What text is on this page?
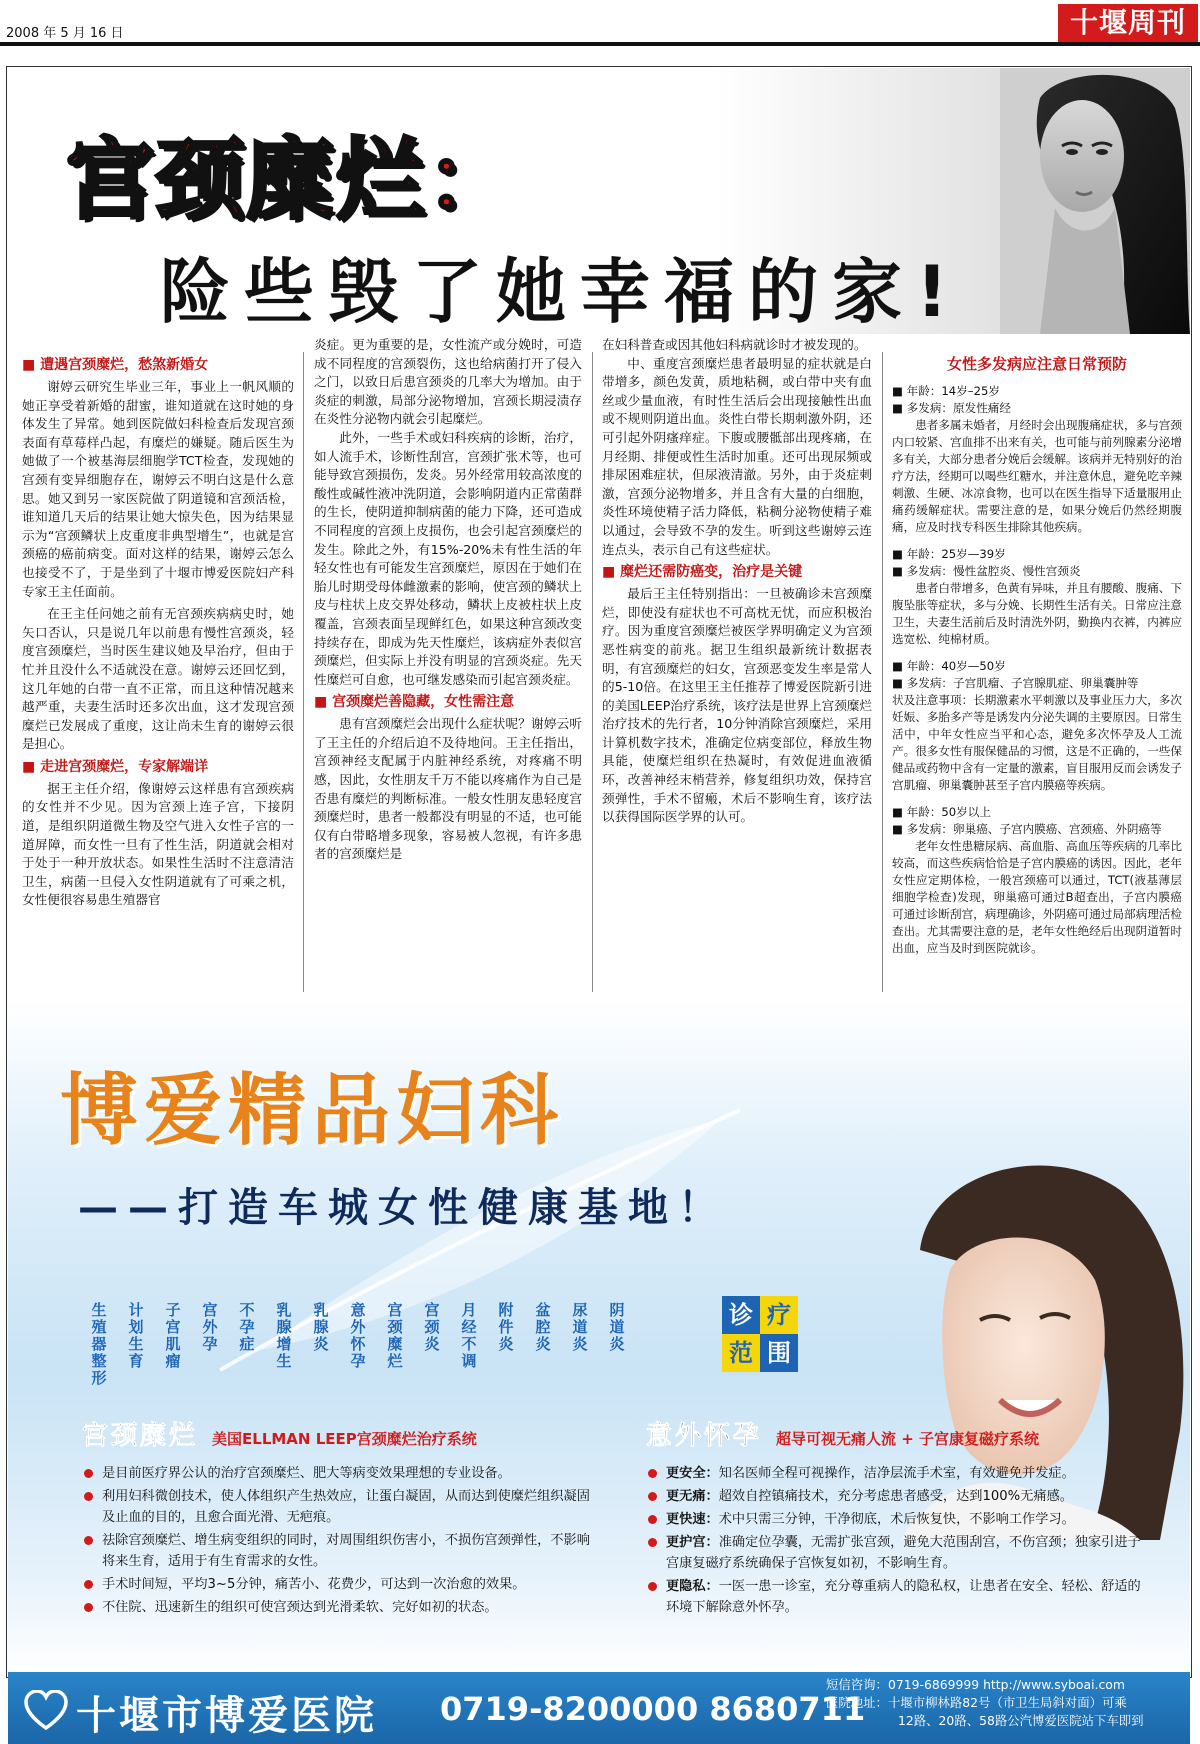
2008 年 5 月 16 日	十堰周刊
宫颈糜烂：
险些毁了她幸福的家!
■ 遭遇宫颈糜烂，愁煞新婚女

谢婷云研究生毕业三年，事业上一帆风顺的她正享受着新婚的甜蜜，谁知道就在这时她的身体发生了异常。她到医院做妇科检查后发现宫颈表面有草莓样凸起，有糜烂的嫌疑。随后医生为她做了一个被基海层细胞学TCT检查，发现她的宫颈有变异细胞存在，谢婷云不明白这是什么意思。她又到另一家医院做了阴道镜和宫颈活检，谁知道几天后的结果让她大惊失色，因为结果显示为“宫颈鳞状上皮重度非典型增生”，也就是宫颈癌的癌前病变。面对这样的结果，谢婷云怎么也接受不了，于是坐到了十堰市博爱医院妇产科专家王主任面前。

在王主任问她之前有无宫颈疾病病史时，她矢口否认，只是说几年以前患有慢性宫颈炎，轻度宫颈糜烂，当时医生建议她及早治疗，但由于忙并且没什么不适就没在意。谢婷云还回忆到，这几年她的白带一直不正常，而且这种情况越来越严重，夫妻生活时还多次出血，这才发现宫颈糜烂已发展成了重度，这让尚未生育的谢婷云很是担心。

■ 走进宫颈糜烂，专家解端详

据王主任介绍，像谢婷云这样患有宫颈疾病的女性并不少见。因为宫颈上连子宫，下接阴道，是组织阴道微生物及空气进入女性子宫的一道屏障，而女性一旦有了性生活，阴道就会相对于处于一种开放状态。如果性生活时不注意清洁卫生，病菌一旦侵入女性阴道就有了可乘之机，女性便很容易患生殖器官

炎症。更为重要的是，女性流产或分娩时，可造成不同程度的宫颈裂伤，这也给病菌打开了侵入之门，以致日后患宫颈炎的几率大为增加。由于炎症的刺激，局部分泌物增加，宫颈长期浸渍存在炎性分泌物内就会引起糜烂。

此外，一些手术或妇科疾病的诊断，治疗，如人流手术，诊断性刮宫，宫颈扩张术等，也可能导致宫颈损伤，发炎。另外经常用较高浓度的酸性或碱性液冲洗阴道，会影响阴道内正常菌群的生长，使阴道抑制病菌的能力下降，还可造成不同程度的宫颈上皮损伤，也会引起宫颈糜烂的发生。除此之外，有15%-20%未有性生活的年轻女性也有可能发生宫颈糜烂，原因在于她们在胎儿时期受母体雌激素的影响，使宫颈的鳞状上皮与柱状上皮交界处移动，鳞状上皮被柱状上皮覆盖，宫颈表面呈现鲜红色，如果这种宫颈改变持续存在，即成为先天性糜烂，该病症外表似宫颈糜烂，但实际上并没有明显的宫颈炎症。先天性糜烂可自愈，也可继发感染而引起宫颈炎症。

■ 宫颈糜烂善隐藏，女性需注意

患有宫颈糜烂会出现什么症状呢？谢婷云听了王主任的介绍后迫不及待地问。王主任指出，宫颈神经支配属于内脏神经系统，对疼痛不明感，因此，女性朋友千万不能以疼痛作为自己是否患有糜烂的判断标准。一般女性朋友患轻度宫颈糜烂时，患者一般都没有明显的不适，也可能仅有白带略增多现象，容易被人忽视，有许多患者的宫颈糜烂是

在妇科普查或因其他妇科病就诊时才被发现的。

中、重度宫颈糜烂患者最明显的症状就是白带增多，颜色发黄，质地粘稠，或白带中夹有血丝或少量血液，有时性生活后会出现接触性出血或不规则阴道出血。炎性白带长期刺激外阴，还可引起外阴瘙痒症。下腹或腰骶部出现疼痛，在月经期、排便或性生活时加重。还可出现尿频或排尿困难症状，但尿液清澈。另外，由于炎症刺激，宫颈分泌物增多，并且含有大量的白细胞，炎性环境使精子活力降低，粘稠分泌物使精子难以通过，会导致不孕的发生。听到这些谢婷云连连点头，表示自己有这些症状。

■ 糜烂还需防癌变，治疗是关键

最后王主任特别指出：一旦被确诊未宫颈糜烂，即使没有症状也不可高枕无忧，而应积极治疗。因为重度宫颈糜烂被医学界明确定义为宫颈恶性病变的前兆。据卫生组织最新统计数据表明，有宫颈糜烂的妇女，宫颈恶变发生率是常人的5-10倍。在这里王主任推荐了博爱医院新引进的美国LEEP治疗系统，该疗法是世界上宫颈糜烂治疗技术的先行者，10分钟消除宫颈糜烂，采用计算机数字技术，准确定位病变部位，释放生物具能，使糜烂组织在热凝时，有效促进血液循环，改善神经末梢营养，修复组织功效，保持宫颈弹性，手术不留瘢，术后不影响生育，该疗法以获得国际医学界的认可。

女性多发病应注意日常预防
■ 年龄：14岁–25岁
■ 多发病：原发性痛经

患者多属未婚者，月经时会出现腹痛症状，多与宫颈内口较紧、宫血排不出来有关，也可能与前列腺素分泌增多有关，大部分患者分娩后会缓解。该病并无特别好的治疗方法，经期可以喝些红糖水，并注意休息，避免吃辛辣刺激、生硬、冰凉食物，也可以在医生指导下适量服用止痛药缓解症状。需要注意的是，如果分娩后仍然经期腹痛，应及时找专科医生排除其他疾病。

■ 年龄：25岁—39岁
■ 多发病：慢性盆腔炎、慢性宫颈炎

患者白带增多，色黄有异味，并且有腰酸、腹痛、下腹坠胀等症状，多与分娩、长期性生活有关。日常应注意卫生，夫妻生活前后及时清洗外阴，勤换内衣裤，内裤应选宽松、纯棉材质。

■ 年龄：40岁—50岁
■ 多发病：子宫肌瘤、子宫腺肌症、卵巢囊肿等

状及注意事项：长期激素水平刺激以及事业压力大，多次妊娠、多胎多产等是诱发内分泌失调的主要原因。日常生活中，中年女性应当平和心态，避免多次怀孕及人工流产。很多女性有服保健品的习惯，这是不正确的，一些保健品或药物中含有一定量的激素，盲目服用反而会诱发子宫肌瘤、卵巢囊肿甚至子宫内膜癌等疾病。

■ 年龄：50岁以上
■ 多发病：卵巢癌、子宫内膜癌、宫颈癌、外阴癌等

老年女性患糖尿病、高血脂、高血压等疾病的几率比较高，而这些疾病恰恰是子宫内膜癌的诱因。因此，老年女性应定期体检，一般宫颈癌可以通过，TCT(液基薄层细胞学检查)发现，卵巢癌可通过B超查出，子宫内膜癌可通过诊断刮宫，病理确诊，外阴癌可通过局部病理活检查出。尤其需要注意的是，老年女性绝经后出现阴道暂时出血，应当及时到医院就诊。

博爱精品妇科
——打造车城女性健康基地！
生殖器整形
计划生育
子宫肌瘤
宫外孕
不孕症
乳腺增生
乳腺炎
意外怀孕
宫颈糜烂
宫颈炎
月经不调
附件炎
盆腔炎
尿道炎
阴道炎
诊 疗
范 围
宫颈糜烂 美国ELLMAN LEEP宫颈糜烂治疗系统
是目前医疗界公认的治疗宫颈糜烂、肥大等病变效果理想的专业设备。
利用妇科微创技术，使人体组织产生热效应，让蛋白凝固，从而达到使糜烂组织凝固及止血的目的，且愈合面光滑、无疤痕。
祛除宫颈糜烂、增生病变组织的同时，对周围组织伤害小，不损伤宫颈弹性，不影响将来生育，适用于有生育需求的女性。
手术时间短，平均3~5分钟，痛苦小、花费少，可达到一次治愈的效果。
不住院、迅速新生的组织可使宫颈达到光滑柔软、完好如初的状态。
意外怀孕 超导可视无痛人流 + 子宫康复磁疗系统
更安全：知名医师全程可视操作，洁净层流手术室，有效避免并发症。
更无痛：超效自控镇痛技术，充分考虑患者感受，达到100%无痛感。
更快速：术中只需三分钟，干净彻底，术后恢复快，不影响工作学习。
更护宫：准确定位孕囊，无需扩张宫颈，避免大范围刮宫，不伤宫颈；独家引进子宫康复磁疗系统确保子宫恢复如初，不影响生育。
更隐私：一医一患一诊室，充分尊重病人的隐私权，让患者在安全、轻松、舒适的环境下解除意外怀孕。
十堰市博爱医院 0719-8200000 8680711
短信咨询：0719-6869999 http://www.syboai.com
医院地址：十堰市柳林路82号（市卫生局斜对面）可乘
12路、20路、58路公汽博爱医院站下车即到
